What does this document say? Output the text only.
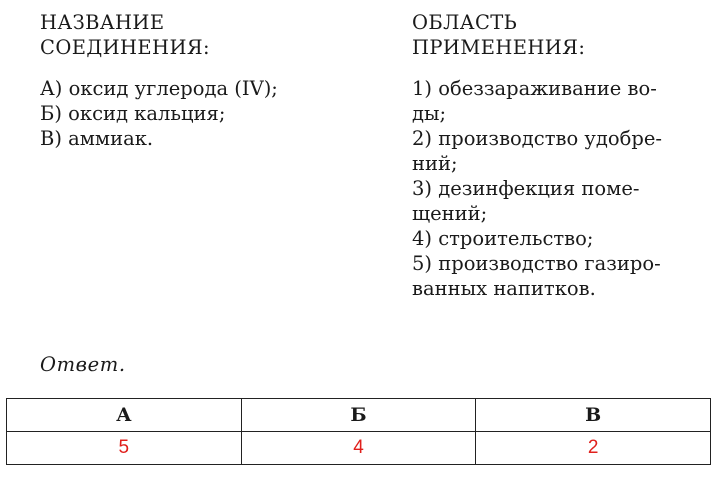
НАЗВАНИЕ
СОЕДИНЕНИЯ:
А) оксид углерода (IV);
Б) оксид кальция;
В) аммиак.
ОБЛАСТЬ
ПРИМЕНЕНИЯ:
1) обеззараживание во-
ды;
2) производство удобре-
ний;
3) дезинфекция поме-
щений;
4) строительство;
5) производство газиро-
ванных напитков.
Ответ.
А	Б	В
5	4	2
